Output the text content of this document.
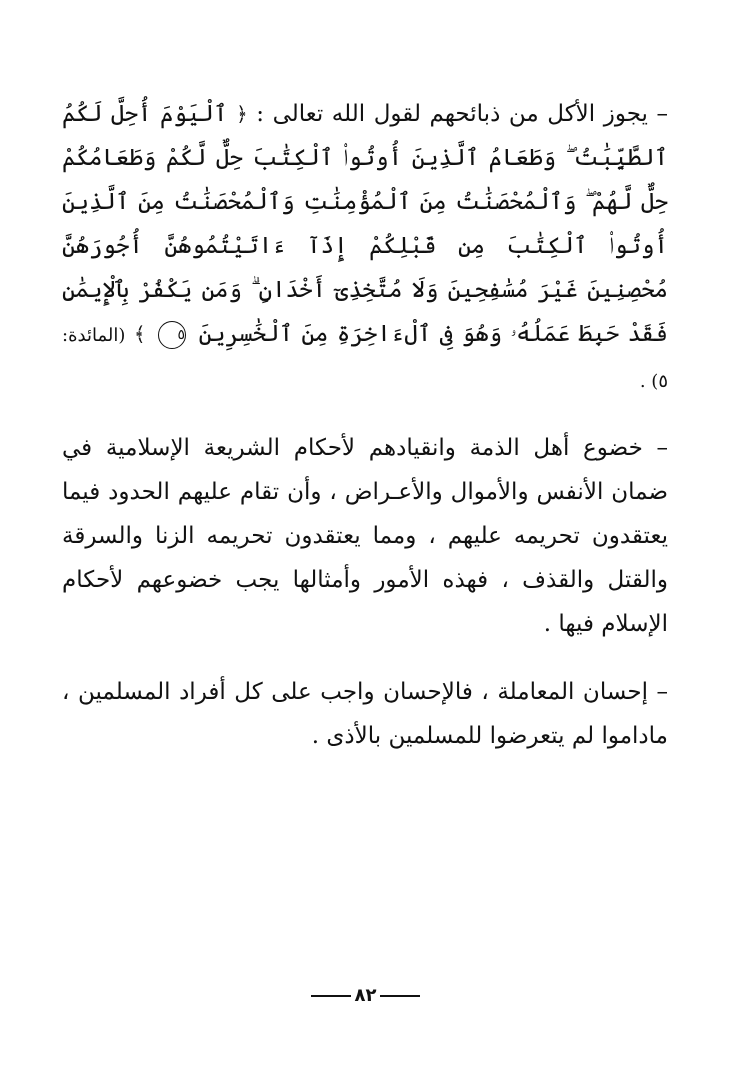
– يجوز الأكل من ذبائحهم لقول الله تعالى : ﴿ ٱلْيَوْمَ أُحِلَّ لَكُمُ ٱلطَّيِّبَٰتُ ۖ وَطَعَامُ ٱلَّذِينَ أُوتُوا۟ ٱلْكِتَٰبَ حِلٌّ لَّكُمْ وَطَعَامُكُمْ حِلٌّ لَّهُمْ ۖ وَٱلْمُحْصَنَٰتُ مِنَ ٱلْمُؤْمِنَٰتِ وَٱلْمُحْصَنَٰتُ مِنَ ٱلَّذِينَ أُوتُوا۟ ٱلْكِتَٰبَ مِن قَبْلِكُمْ إِذَآ ءَاتَيْتُمُوهُنَّ أُجُورَهُنَّ مُحْصِنِينَ غَيْرَ مُسَٰفِحِينَ وَلَا مُتَّخِذِىٓ أَخْدَانٍ ۗ وَمَن يَكْفُرْ بِٱلْإِيمَٰنِ فَقَدْ حَبِطَ عَمَلُهُۥ وَهُوَ فِى ٱلْءَاخِرَةِ مِنَ ٱلْخَٰسِرِينَ ٥ ﴾ (المائدة: ٥) .

– خضوع أهل الذمة وانقيادهم لأحكام الشريعة الإسلامية في ضمان الأنفس والأموال والأعـراض ، وأن تقام عليهم الحدود فيما يعتقدون تحريمه عليهم ، ومما يعتقدون تحريمه الزنا والسرقة والقتل والقذف ، فهذه الأمور وأمثالها يجب خضوعهم لأحكام الإسلام فيها .

– إحسان المعاملة ، فالإحسان واجب على كل أفراد المسلمين ، ماداموا لم يتعرضوا للمسلمين بالأذى .

٨٢
